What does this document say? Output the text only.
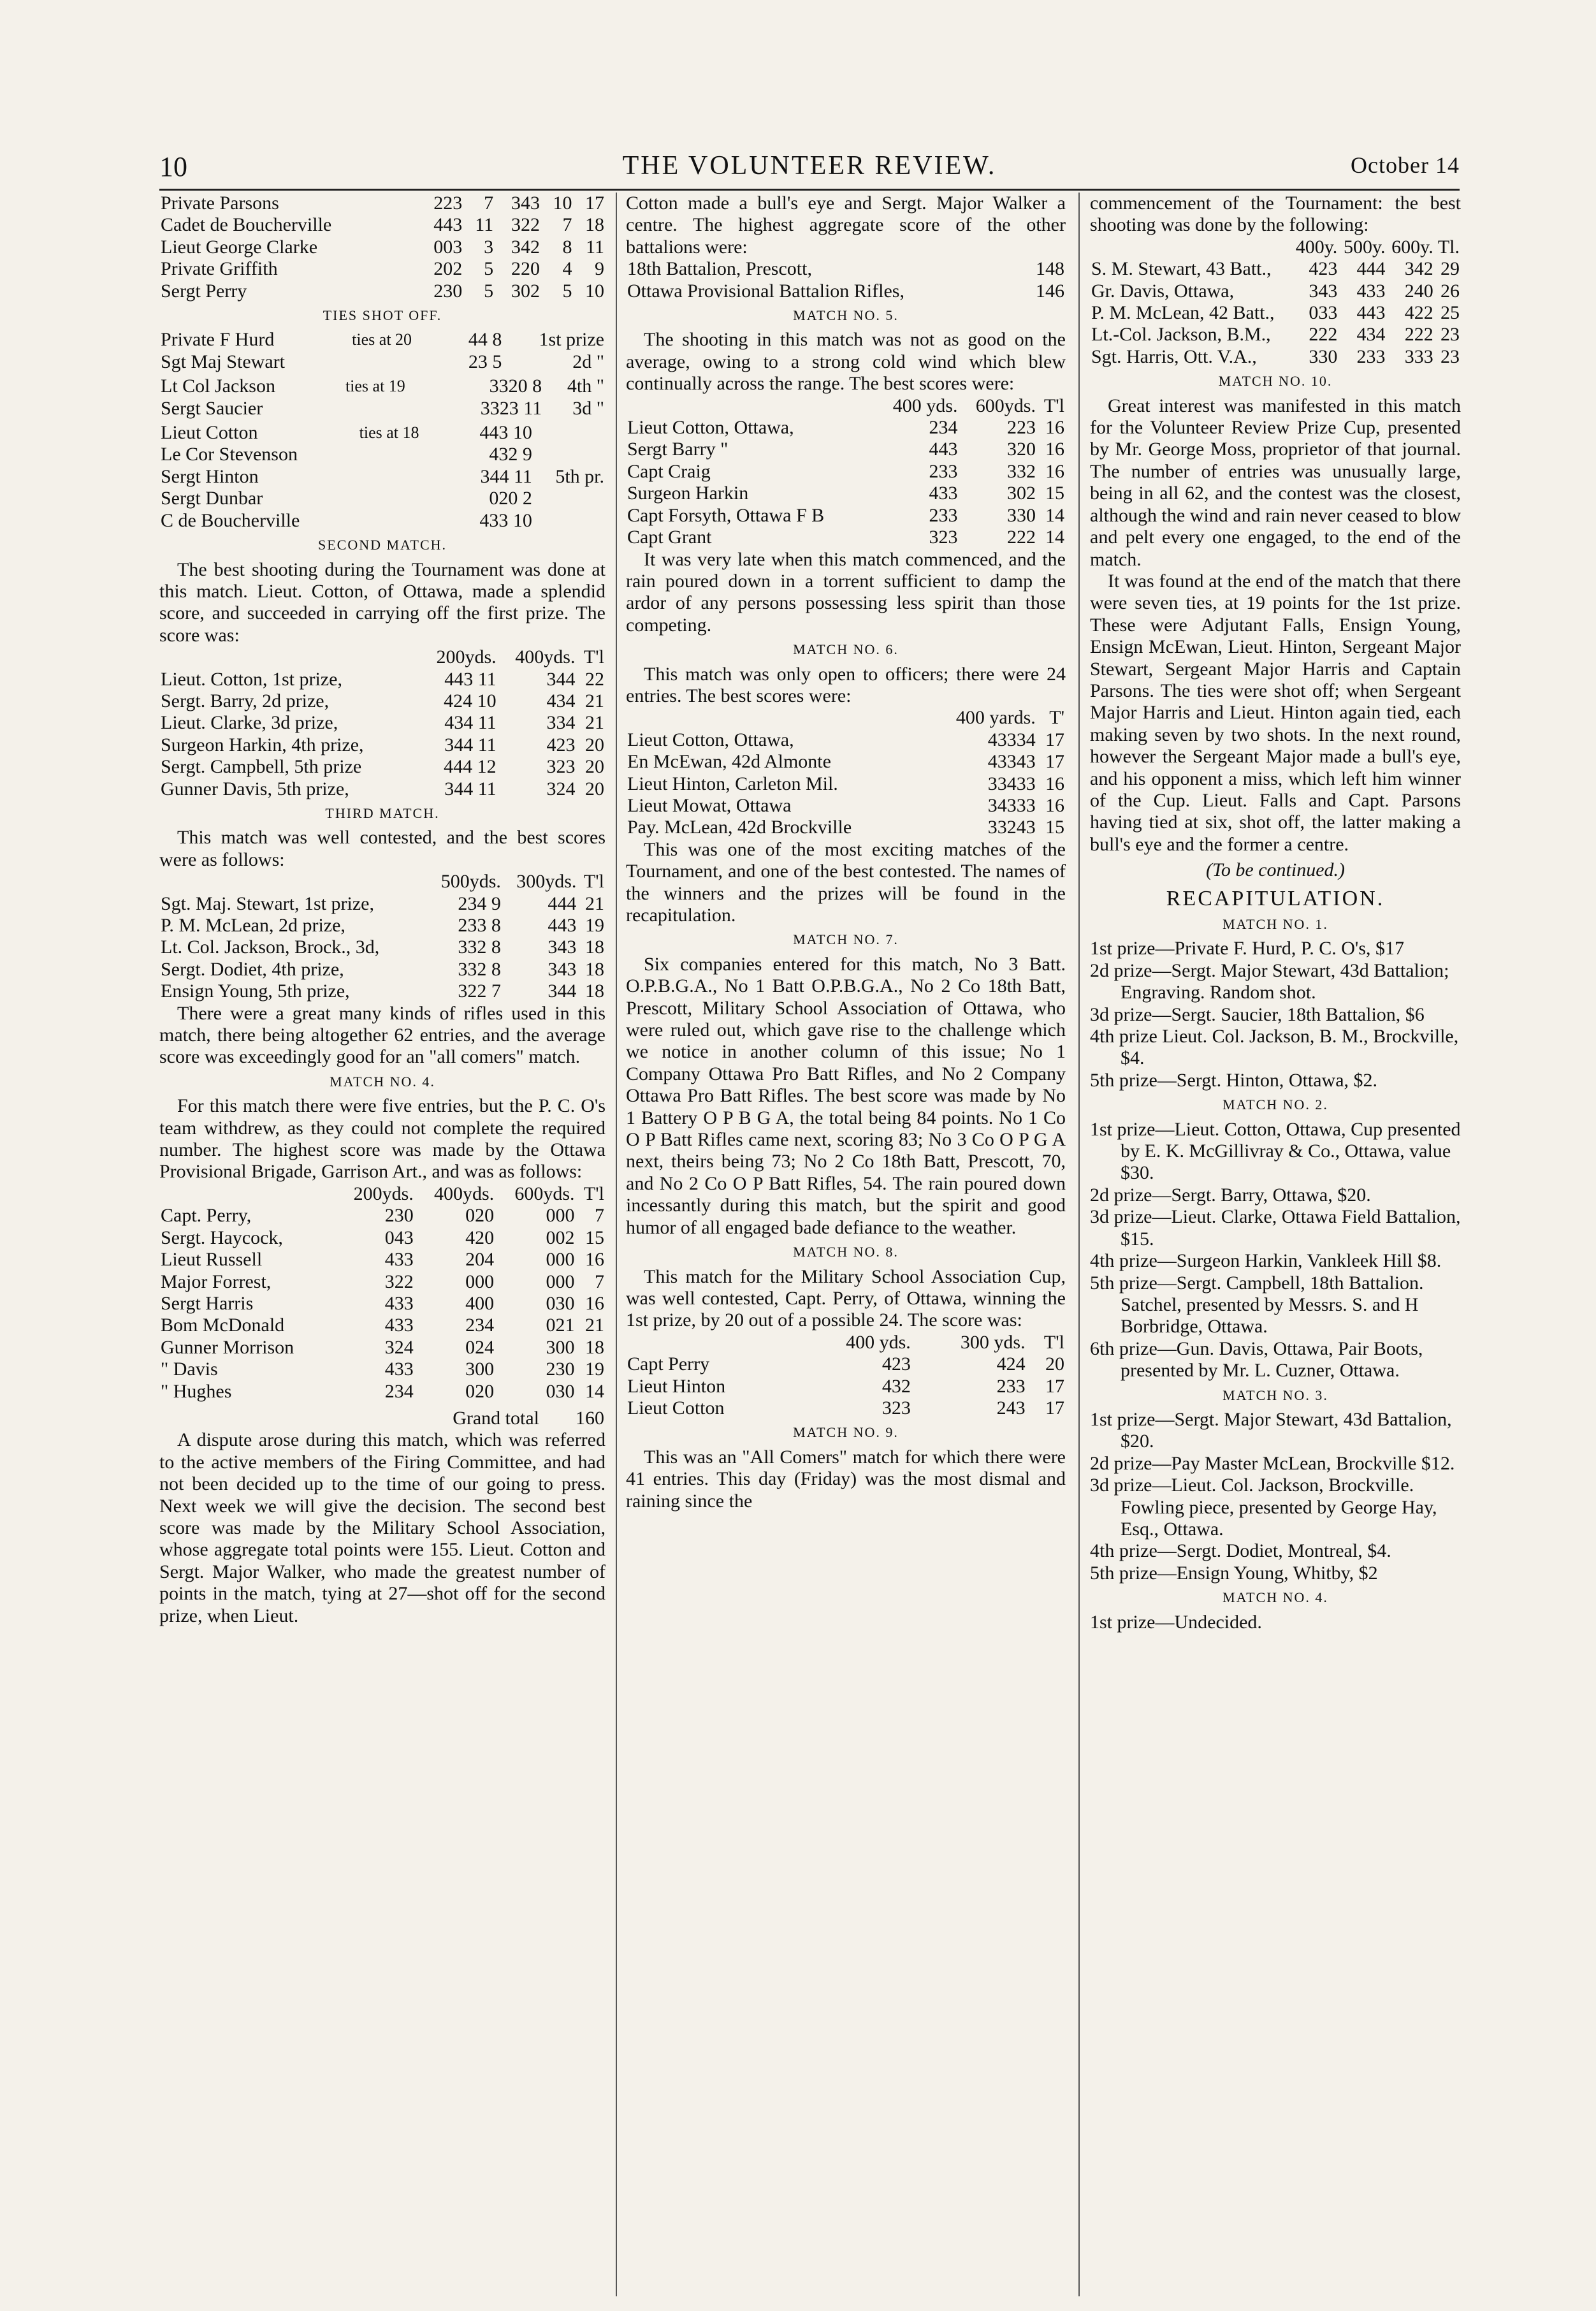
10	THE VOLUNTEER REVIEW.	October 14
Private Parsons	223	7	343	10	17
Cadet de Boucherville	443	11	322	7	18
Lieut George Clarke	003	3	342	8	11
Private Griffith	202	5	220	4	9
Sergt Perry	230	5	302	5	10
TIES SHOT OFF.
Private F Hurd	ties at 20	44 8	1st prize
Sgt Maj Stewart		23 5	2d "
Lt Col Jackson	ties at 19	3320 8	4th "
Sergt Saucier		3323 11	3d "
Lieut Cotton	ties at 18	443 10	
Le Cor Stevenson		432 9	
Sergt Hinton		344 11	5th pr.
Sergt Dunbar		020 2	
C de Boucherville		433 10	
SECOND MATCH.

The best shooting during the Tournament was done at this match. Lieut. Cotton, of Ottawa, made a splendid score, and succeeded in carrying off the first prize. The score was:

	200yds.	400yds.	T'l
Lieut. Cotton, 1st prize,	443 11	344	22
Sergt. Barry, 2d prize,	424 10	434	21
Lieut. Clarke, 3d prize,	434 11	334	21
Surgeon Harkin, 4th prize,	344 11	423	20
Sergt. Campbell, 5th prize	444 12	323	20
Gunner Davis, 5th prize,	344 11	324	20
THIRD MATCH.

This match was well contested, and the best scores were as follows:

	500yds.	300yds.	T'l
Sgt. Maj. Stewart, 1st prize,	234 9	444	21
P. M. McLean, 2d prize,	233 8	443	19
Lt. Col. Jackson, Brock., 3d,	332 8	343	18
Sergt. Dodiet, 4th prize,	332 8	343	18
Ensign Young, 5th prize,	322 7	344	18

There were a great many kinds of rifles used in this match, there being altogether 62 entries, and the average score was exceedingly good for an "all comers" match.

MATCH NO. 4.

For this match there were five entries, but the P. C. O's team withdrew, as they could not complete the required number. The highest score was made by the Ottawa Provisional Brigade, Garrison Art., and was as follows:

	200yds.	400yds.	600yds.	T'l
Capt. Perry,	230	020	000	7
Sergt. Haycock,	043	420	002	15
Lieut Russell	433	204	000	16
Major Forrest,	322	000	000	7
Sergt Harris	433	400	030	16
Bom McDonald	433	234	021	21
Gunner Morrison	324	024	300	18
" Davis	433	300	230	19
" Hughes	234	020	030	14
Grand total	160

A dispute arose during this match, which was referred to the active members of the Firing Committee, and had not been decided up to the time of our going to press. Next week we will give the decision. The second best score was made by the Military School Association, whose aggregate total points were 155. Lieut. Cotton and Sergt. Major Walker, who made the greatest number of points in the match, tying at 27—shot off for the second prize, when Lieut.

Cotton made a bull's eye and Sergt. Major Walker a centre. The highest aggregate score of the other battalions were:

18th Battalion, Prescott,	148
Ottawa Provisional Battalion Rifles,	146
MATCH NO. 5.

The shooting in this match was not as good on the average, owing to a strong cold wind which blew continually across the range. The best scores were:

	400 yds.	600yds.	T'l
Lieut Cotton, Ottawa,	234	223	16
Sergt Barry "	443	320	16
Capt Craig	233	332	16
Surgeon Harkin	433	302	15
Capt Forsyth, Ottawa F B	233	330	14
Capt Grant	323	222	14

It was very late when this match commenced, and the rain poured down in a torrent sufficient to damp the ardor of any persons possessing less spirit than those competing.

MATCH NO. 6.

This match was only open to officers; there were 24 entries. The best scores were:

	400 yards.	T'
Lieut Cotton, Ottawa,	43334	17
En McEwan, 42d Almonte	43343	17
Lieut Hinton, Carleton Mil.	33433	16
Lieut Mowat, Ottawa	34333	16
Pay. McLean, 42d Brockville	33243	15

This was one of the most exciting matches of the Tournament, and one of the best contested. The names of the winners and the prizes will be found in the recapitulation.

MATCH NO. 7.

Six companies entered for this match, No 3 Batt. O.P.B.G.A., No 1 Batt O.P.B.G.A., No 2 Co 18th Batt, Prescott, Military School Association of Ottawa, who were ruled out, which gave rise to the challenge which we notice in another column of this issue; No 1 Company Ottawa Pro Batt Rifles, and No 2 Company Ottawa Pro Batt Rifles. The best score was made by No 1 Battery O P B G A, the total being 84 points. No 1 Co O P Batt Rifles came next, scoring 83; No 3 Co O P G A next, theirs being 73; No 2 Co 18th Batt, Prescott, 70, and No 2 Co O P Batt Rifles, 54. The rain poured down incessantly during this match, but the spirit and good humor of all engaged bade defiance to the weather.

MATCH NO. 8.

This match for the Military School Association Cup, was well contested, Capt. Perry, of Ottawa, winning the 1st prize, by 20 out of a possible 24. The score was:

	400 yds.	300 yds.	T'l
Capt Perry	423	424	20
Lieut Hinton	432	233	17
Lieut Cotton	323	243	17
MATCH NO. 9.

This was an "All Comers" match for which there were 41 entries. This day (Friday) was the most dismal and raining since the

commencement of the Tournament: the best shooting was done by the following:

	400y.	500y.	600y.	Tl.
S. M. Stewart, 43 Batt.,	423	444	342	29
Gr. Davis, Ottawa,	343	433	240	26
P. M. McLean, 42 Batt.,	033	443	422	25
Lt.-Col. Jackson, B.M.,	222	434	222	23
Sgt. Harris, Ott. V.A.,	330	233	333	23
MATCH NO. 10.

Great interest was manifested in this match for the Volunteer Review Prize Cup, presented by Mr. George Moss, proprietor of that journal. The number of entries was unusually large, being in all 62, and the contest was the closest, although the wind and rain never ceased to blow and pelt every one engaged, to the end of the match.

It was found at the end of the match that there were seven ties, at 19 points for the 1st prize. These were Adjutant Falls, Ensign Young, Ensign McEwan, Lieut. Hinton, Sergeant Major Stewart, Sergeant Major Harris and Captain Parsons. The ties were shot off; when Sergeant Major Harris and Lieut. Hinton again tied, each making seven by two shots. In the next round, however the Sergeant Major made a bull's eye, and his opponent a miss, which left him winner of the Cup. Lieut. Falls and Capt. Parsons having tied at six, shot off, the latter making a bull's eye and the former a centre.

(To be continued.)
RECAPITULATION.
MATCH NO. 1.

1st prize—Private F. Hurd, P. C. O's, $17

2d prize—Sergt. Major Stewart, 43d Battalion; Engraving. Random shot.

3d prize—Sergt. Saucier, 18th Battalion, $6

4th prize Lieut. Col. Jackson, B. M., Brockville, $4.

5th prize—Sergt. Hinton, Ottawa, $2.

MATCH NO. 2.

1st prize—Lieut. Cotton, Ottawa, Cup presented by E. K. McGillivray & Co., Ottawa, value $30.

2d prize—Sergt. Barry, Ottawa, $20.

3d prize—Lieut. Clarke, Ottawa Field Battalion, $15.

4th prize—Surgeon Harkin, Vankleek Hill $8.

5th prize—Sergt. Campbell, 18th Battalion. Satchel, presented by Messrs. S. and H Borbridge, Ottawa.

6th prize—Gun. Davis, Ottawa, Pair Boots, presented by Mr. L. Cuzner, Ottawa.

MATCH NO. 3.

1st prize—Sergt. Major Stewart, 43d Battalion, $20.

2d prize—Pay Master McLean, Brockville $12.

3d prize—Lieut. Col. Jackson, Brockville. Fowling piece, presented by George Hay, Esq., Ottawa.

4th prize—Sergt. Dodiet, Montreal, $4.

5th prize—Ensign Young, Whitby, $2

MATCH NO. 4.

1st prize—Undecided.
